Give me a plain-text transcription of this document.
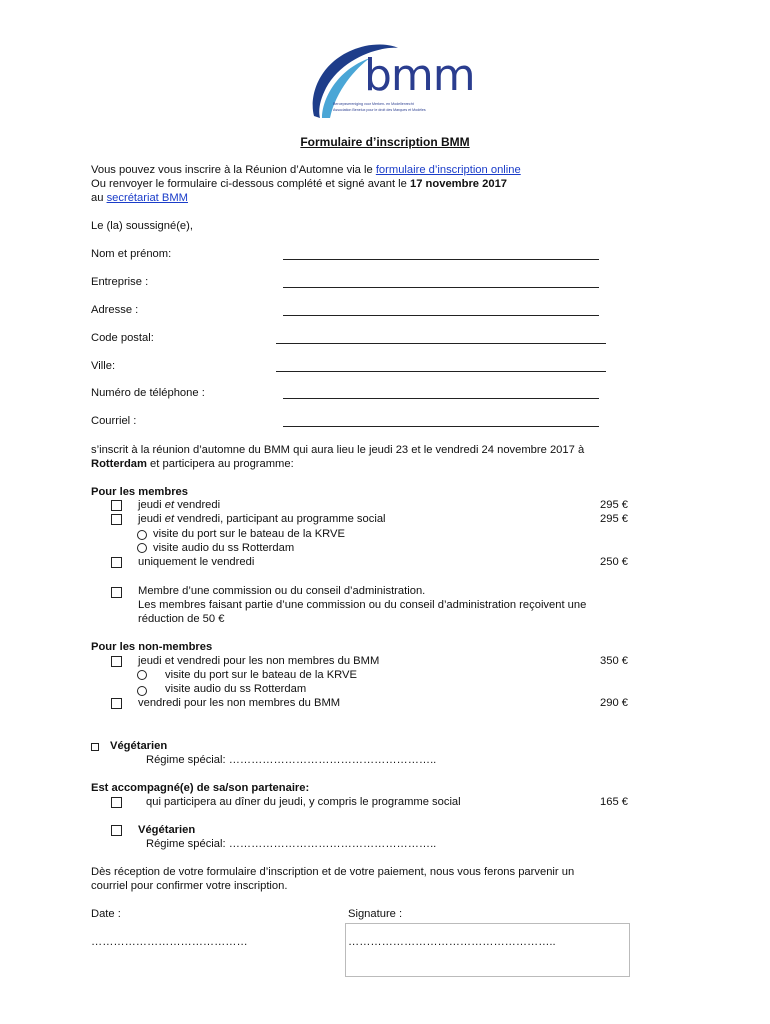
bmm
Beroepsvereniging voor Merken- en Modellenrecht
Association Benelux pour le droit des Marques et Modèles
Formulaire d’inscription BMM
Vous pouvez vous inscrire à la Réunion d’Automne via le formulaire d’inscription online
Ou renvoyer le formulaire ci-dessous complété et signé avant le 17 novembre 2017
au secrétariat BMM
Le (la) soussigné(e),
Nom et prénom:
Entreprise :
Adresse :
Code postal:
Ville:
Numéro de téléphone :
Courriel :
s’inscrit à la réunion d’automne du BMM qui aura lieu le jeudi 23 et le vendredi 24 novembre 2017 à
Rotterdam et participera au programme:
Pour les membres
jeudi et vendredi	295 €
jeudi et vendredi, participant au programme social	295 €
visite du port sur le bateau de la KRVE
visite audio du ss Rotterdam
uniquement le vendredi	250 €
Membre d’une commission ou du conseil d’administration.
Les membres faisant partie d’une commission ou du conseil d’administration reçoivent une
réduction de 50 €
Pour les non-membres
jeudi et vendredi pour les non membres du BMM	350 €
visite du port sur le bateau de la KRVE
visite audio du ss Rotterdam
vendredi pour les non membres du BMM	290 €
Végétarien
Régime spécial: ………………………………………………..
Est accompagné(e) de sa/son partenaire:
qui participera au dîner du jeudi, y compris le programme social	165 €
Végétarien
Régime spécial: ………………………………………………..
Dès réception de votre formulaire d’inscription et de votre paiement, nous vous ferons parvenir un
courriel pour confirmer votre inscription.
Date :
……………………………………
Signature :
………………………………………………..
